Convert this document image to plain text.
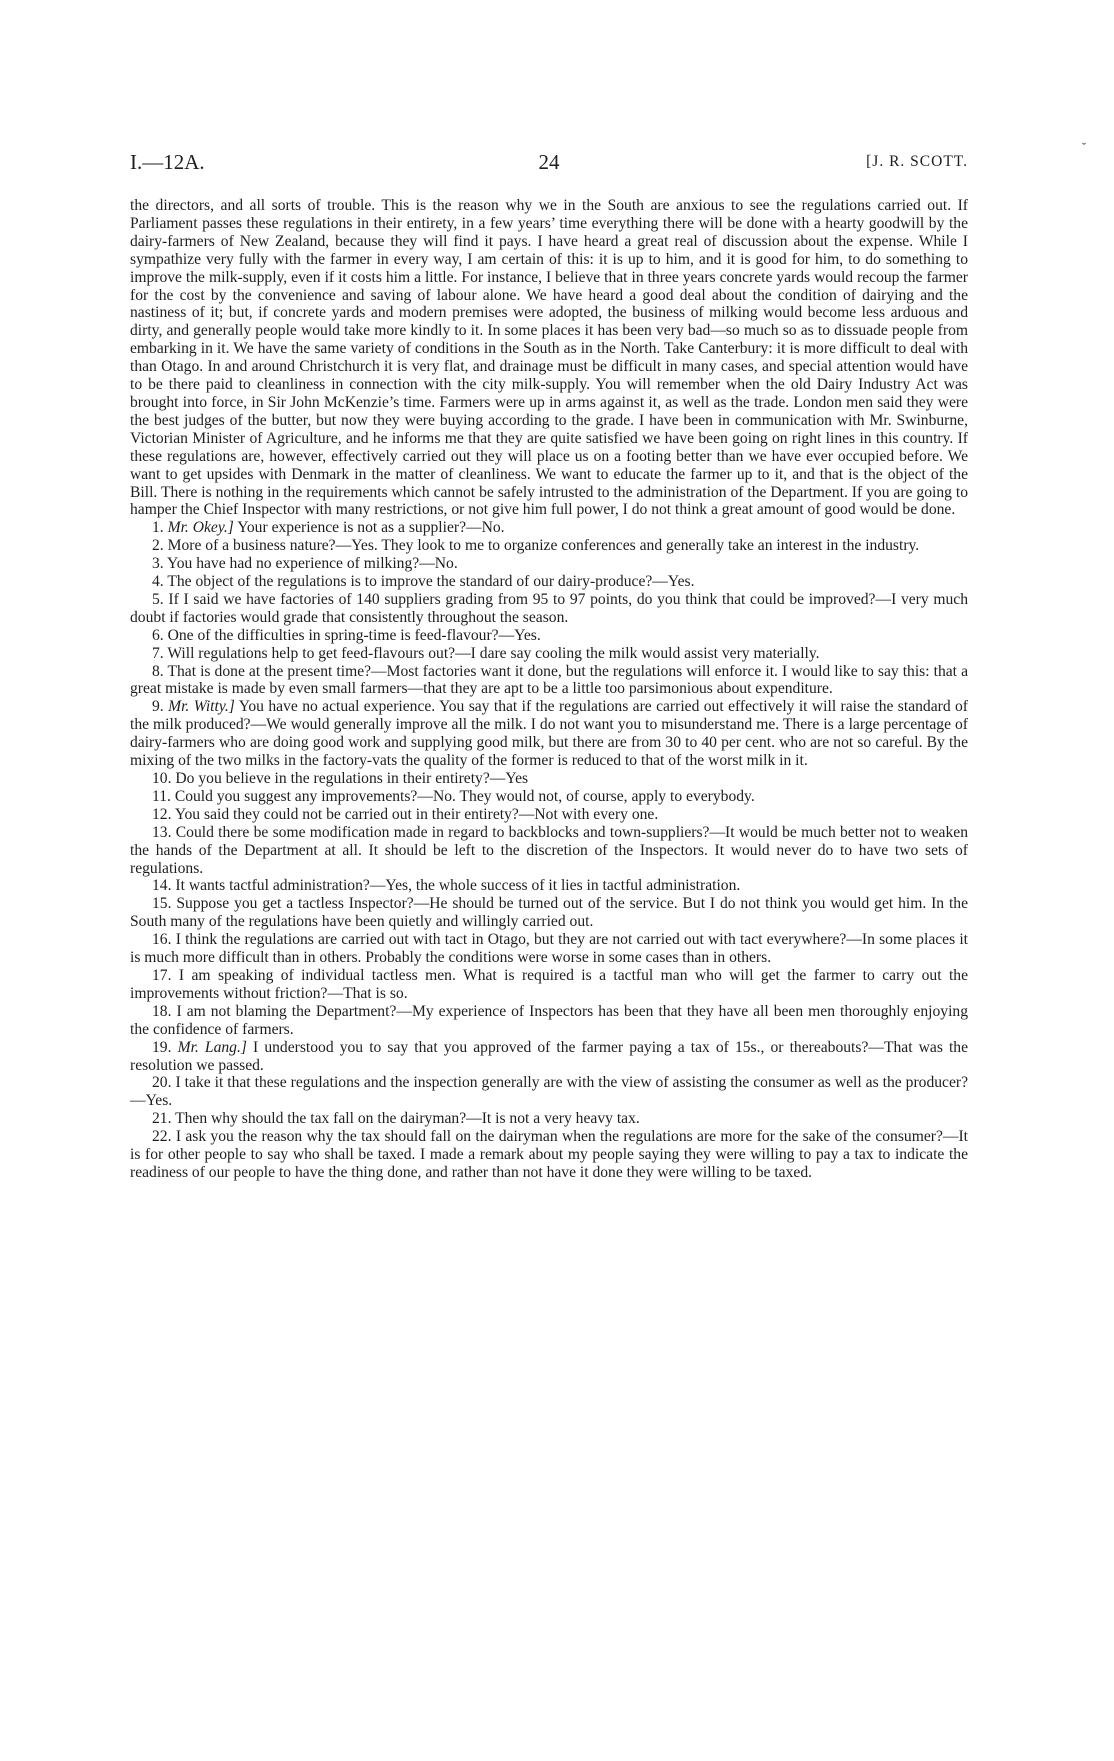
I.—12A.	24	[J. R. SCOTT.

the directors, and all sorts of trouble. This is the reason why we in the South are anxious to see the regulations carried out. If Parliament passes these regulations in their entirety, in a few years’ time everything there will be done with a hearty goodwill by the dairy-farmers of New Zealand, because they will find it pays. I have heard a great real of discussion about the expense. While I sympathize very fully with the farmer in every way, I am certain of this: it is up to him, and it is good for him, to do something to improve the milk-supply, even if it costs him a little. For instance, I believe that in three years concrete yards would recoup the farmer for the cost by the convenience and saving of labour alone. We have heard a good deal about the condition of dairying and the nastiness of it; but, if concrete yards and modern premises were adopted, the business of milking would become less arduous and dirty, and generally people would take more kindly to it. In some places it has been very bad—so much so as to dissuade people from embarking in it. We have the same variety of conditions in the South as in the North. Take Canterbury: it is more difficult to deal with than Otago. In and around Christchurch it is very flat, and drainage must be difficult in many cases, and special attention would have to be there paid to cleanliness in connection with the city milk-supply. You will remember when the old Dairy Industry Act was brought into force, in Sir John McKenzie’s time. Farmers were up in arms against it, as well as the trade. London men said they were the best judges of the butter, but now they were buying according to the grade. I have been in communication with Mr. Swinburne, Victorian Minister of Agriculture, and he informs me that they are quite satisfied we have been going on right lines in this country. If these regulations are, however, effectively carried out they will place us on a footing better than we have ever occupied before. We want to get upsides with Denmark in the matter of cleanliness. We want to educate the farmer up to it, and that is the object of the Bill. There is nothing in the requirements which cannot be safely intrusted to the administration of the Department. If you are going to hamper the Chief Inspector with many restrictions, or not give him full power, I do not think a great amount of good would be done.

1. Mr. Okey.] Your experience is not as a supplier?—No.

2. More of a business nature?—Yes. They look to me to organize conferences and generally take an interest in the industry.

3. You have had no experience of milking?—No.

4. The object of the regulations is to improve the standard of our dairy-produce?—Yes.

5. If I said we have factories of 140 suppliers grading from 95 to 97 points, do you think that could be improved?—I very much doubt if factories would grade that consistently throughout the season.

6. One of the difficulties in spring-time is feed-flavour?—Yes.

7. Will regulations help to get feed-flavours out?—I dare say cooling the milk would assist very materially.

8. That is done at the present time?—Most factories want it done, but the regulations will enforce it. I would like to say this: that a great mistake is made by even small farmers—that they are apt to be a little too parsimonious about expenditure.

9. Mr. Witty.] You have no actual experience. You say that if the regulations are carried out effectively it will raise the standard of the milk produced?—We would generally improve all the milk. I do not want you to misunderstand me. There is a large percentage of dairy-farmers who are doing good work and supplying good milk, but there are from 30 to 40 per cent. who are not so careful. By the mixing of the two milks in the factory-vats the quality of the former is reduced to that of the worst milk in it.

10. Do you believe in the regulations in their entirety?—Yes

11. Could you suggest any improvements?—No. They would not, of course, apply to everybody.

12. You said they could not be carried out in their entirety?—Not with every one.

13. Could there be some modification made in regard to backblocks and town-suppliers?—It would be much better not to weaken the hands of the Department at all. It should be left to the discretion of the Inspectors. It would never do to have two sets of regulations.

14. It wants tactful administration?—Yes, the whole success of it lies in tactful administration.

15. Suppose you get a tactless Inspector?—He should be turned out of the service. But I do not think you would get him. In the South many of the regulations have been quietly and willingly carried out.

16. I think the regulations are carried out with tact in Otago, but they are not carried out with tact everywhere?—In some places it is much more difficult than in others. Probably the conditions were worse in some cases than in others.

17. I am speaking of individual tactless men. What is required is a tactful man who will get the farmer to carry out the improvements without friction?—That is so.

18. I am not blaming the Department?—My experience of Inspectors has been that they have all been men thoroughly enjoying the confidence of farmers.

19. Mr. Lang.] I understood you to say that you approved of the farmer paying a tax of 15s., or thereabouts?—That was the resolution we passed.

20. I take it that these regulations and the inspection generally are with the view of assisting the consumer as well as the producer?—Yes.

21. Then why should the tax fall on the dairyman?—It is not a very heavy tax.

22. I ask you the reason why the tax should fall on the dairyman when the regulations are more for the sake of the consumer?—It is for other people to say who shall be taxed. I made a remark about my people saying they were willing to pay a tax to indicate the readiness of our people to have the thing done, and rather than not have it done they were willing to be taxed.

ˇ
